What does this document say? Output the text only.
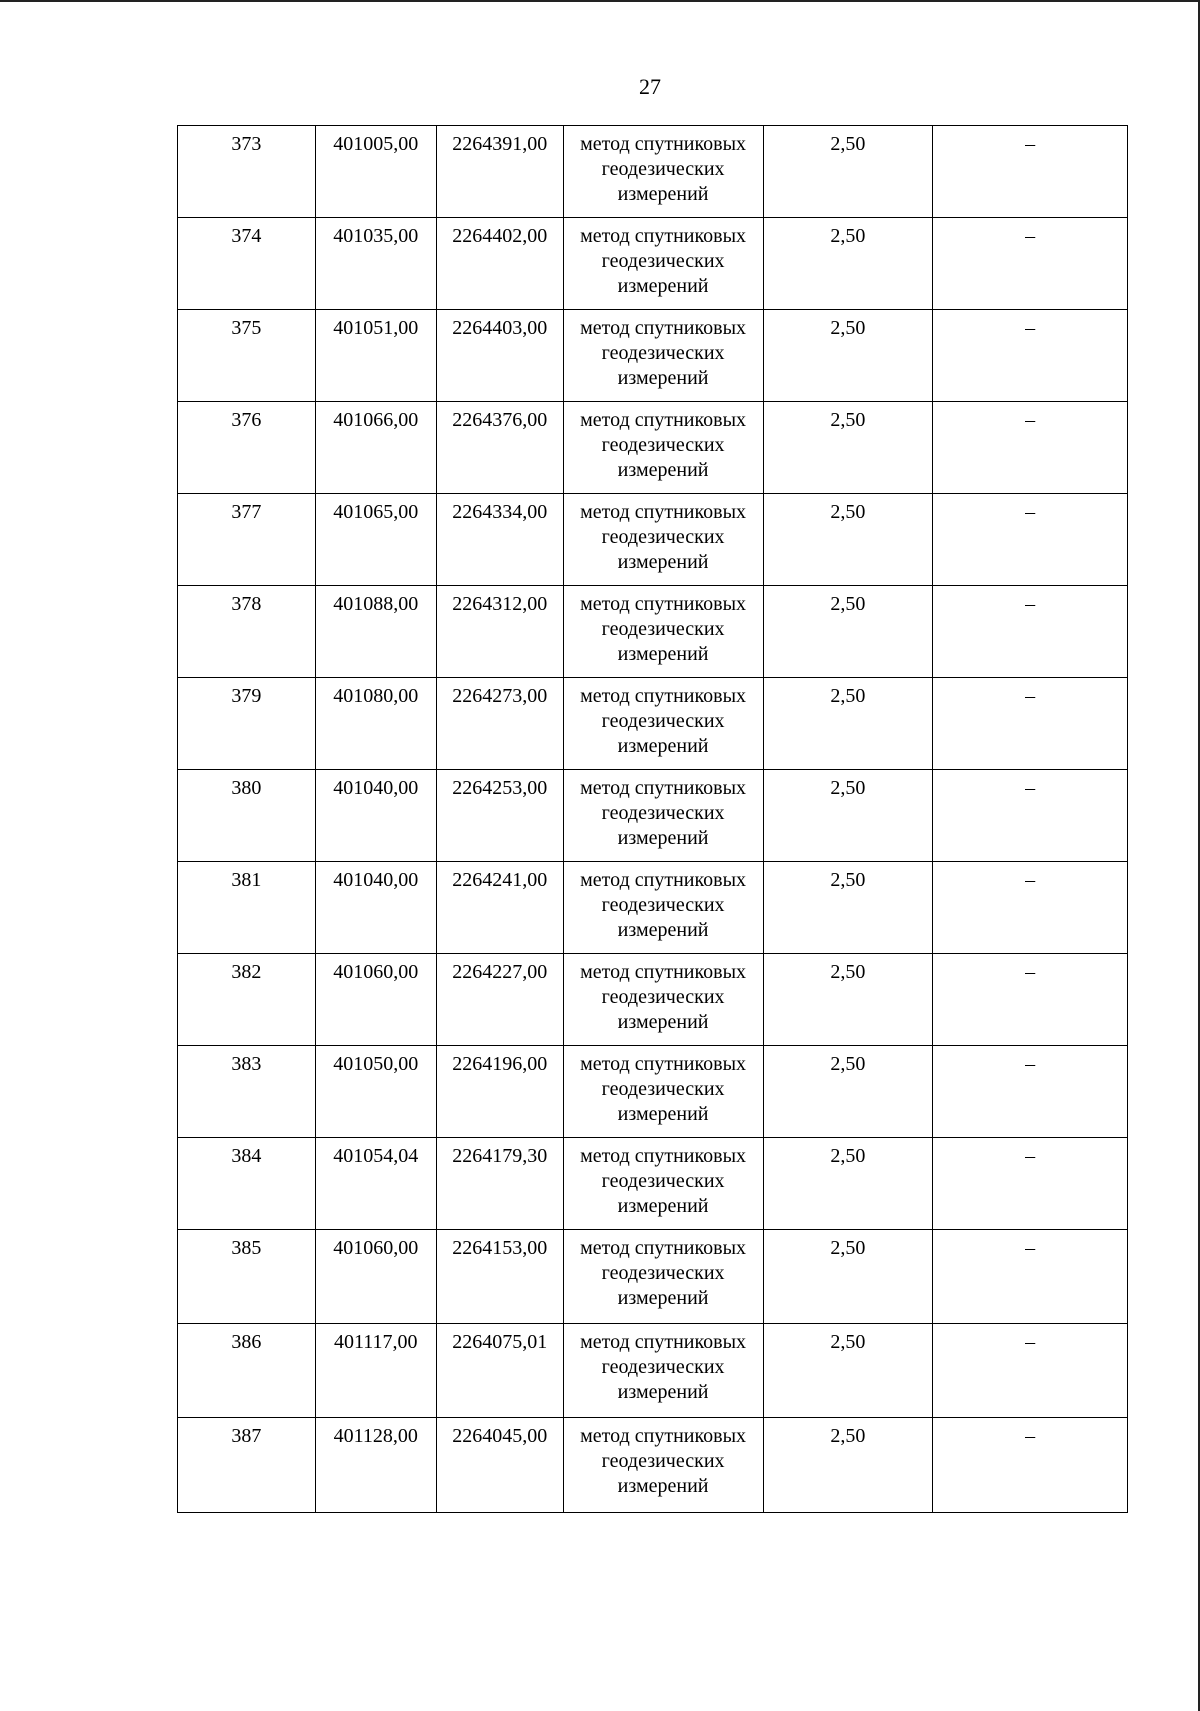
27
373	401005,00	2264391,00	метод спутниковых геодезических измерений	2,50	–
374	401035,00	2264402,00	метод спутниковых геодезических измерений	2,50	–
375	401051,00	2264403,00	метод спутниковых геодезических измерений	2,50	–
376	401066,00	2264376,00	метод спутниковых геодезических измерений	2,50	–
377	401065,00	2264334,00	метод спутниковых геодезических измерений	2,50	–
378	401088,00	2264312,00	метод спутниковых геодезических измерений	2,50	–
379	401080,00	2264273,00	метод спутниковых геодезических измерений	2,50	–
380	401040,00	2264253,00	метод спутниковых геодезических измерений	2,50	–
381	401040,00	2264241,00	метод спутниковых геодезических измерений	2,50	–
382	401060,00	2264227,00	метод спутниковых геодезических измерений	2,50	–
383	401050,00	2264196,00	метод спутниковых геодезических измерений	2,50	–
384	401054,04	2264179,30	метод спутниковых геодезических измерений	2,50	–
385	401060,00	2264153,00	метод спутниковых геодезических измерений	2,50	–
386	401117,00	2264075,01	метод спутниковых геодезических измерений	2,50	–
387	401128,00	2264045,00	метод спутниковых геодезических измерений	2,50	–
